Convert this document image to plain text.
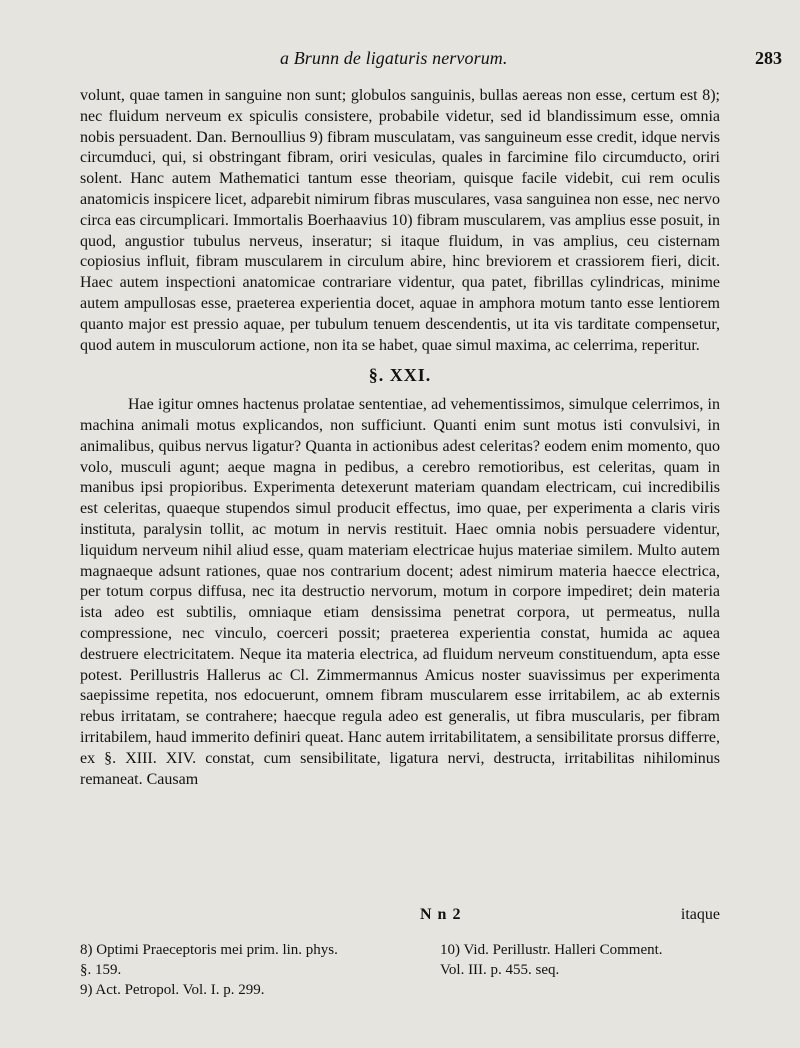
a Brunn de ligaturis nervorum.	283

volunt, quae tamen in sanguine non sunt; globulos sanguinis, bullas aereas non esse, certum est 8); nec fluidum nerveum ex spiculis consistere, probabile videtur, sed id blandissimum esse, omnia nobis persuadent. Dan. Bernoullius 9) fibram musculatam, vas sanguineum esse credit, idque nervis circumduci, qui, si obstringant fibram, oriri vesiculas, quales in farcimine filo circumducto, oriri solent. Hanc autem Mathematici tantum esse theoriam, quisque facile videbit, cui rem oculis anatomicis inspicere licet, adparebit nimirum fibras musculares, vasa sanguinea non esse, nec nervo circa eas circumplicari. Immortalis Boerhaavius 10) fibram muscularem, vas amplius esse posuit, in quod, angustior tubulus nerveus, inseratur; si itaque fluidum, in vas amplius, ceu cisternam copiosius influit, fibram muscularem in circulum abire, hinc breviorem et crassiorem fieri, dicit. Haec autem inspectioni anatomicae contrariare videntur, qua patet, fibrillas cylindricas, minime autem ampullosas esse, praeterea experientia docet, aquae in amphora motum tanto esse lentiorem quanto major est pressio aquae, per tubulum tenuem descendentis, ut ita vis tarditate compensetur, quod autem in musculorum actione, non ita se habet, quae simul maxima, ac celerrima, reperitur.

§. XXI.

Hae igitur omnes hactenus prolatae sententiae, ad vehementissimos, simulque celerrimos, in machina animali motus explicandos, non sufficiunt. Quanti enim sunt motus isti convulsivi, in animalibus, quibus nervus ligatur? Quanta in actionibus adest celeritas? eodem enim momento, quo volo, musculi agunt; aeque magna in pedibus, a cerebro remotioribus, est celeritas, quam in manibus ipsi propioribus. Experimenta detexerunt materiam quandam electricam, cui incredibilis est celeritas, quaeque stupendos simul producit effectus, imo quae, per experimenta a claris viris instituta, paralysin tollit, ac motum in nervis restituit. Haec omnia nobis persuadere videntur, liquidum nerveum nihil aliud esse, quam materiam electricae hujus materiae similem. Multo autem magnaeque adsunt rationes, quae nos contrarium docent; adest nimirum materia haecce electrica, per totum corpus diffusa, nec ita destructio nervorum, motum in corpore impediret; dein materia ista adeo est subtilis, omniaque etiam densissima penetrat corpora, ut permeatus, nulla compressione, nec vinculo, coerceri possit; praeterea experientia constat, humida ac aquea destruere electricitatem. Neque ita materia electrica, ad fluidum nerveum constituendum, apta esse potest. Perillustris Hallerus ac Cl. Zimmermannus Amicus noster suavissimus per experimenta saepissime repetita, nos edocuerunt, omnem fibram muscularem esse irritabilem, ac ab externis rebus irritatam, se contrahere; haecque regula adeo est generalis, ut fibra muscularis, per fibram irritabilem, haud immerito definiri queat. Hanc autem irritabilitatem, a sensibilitate prorsus differre, ex §. XIII. XIV. constat, cum sensibilitate, ligatura nervi, destructa, irritabilitas nihilominus remaneat. Causam

N n 2	itaque
8) Optimi Praeceptoris mei prim. lin. phys.
§. 159.
9) Act. Petropol. Vol. I. p. 299.
10) Vid. Perillustr. Halleri Comment.
Vol. III. p. 455. seq.
